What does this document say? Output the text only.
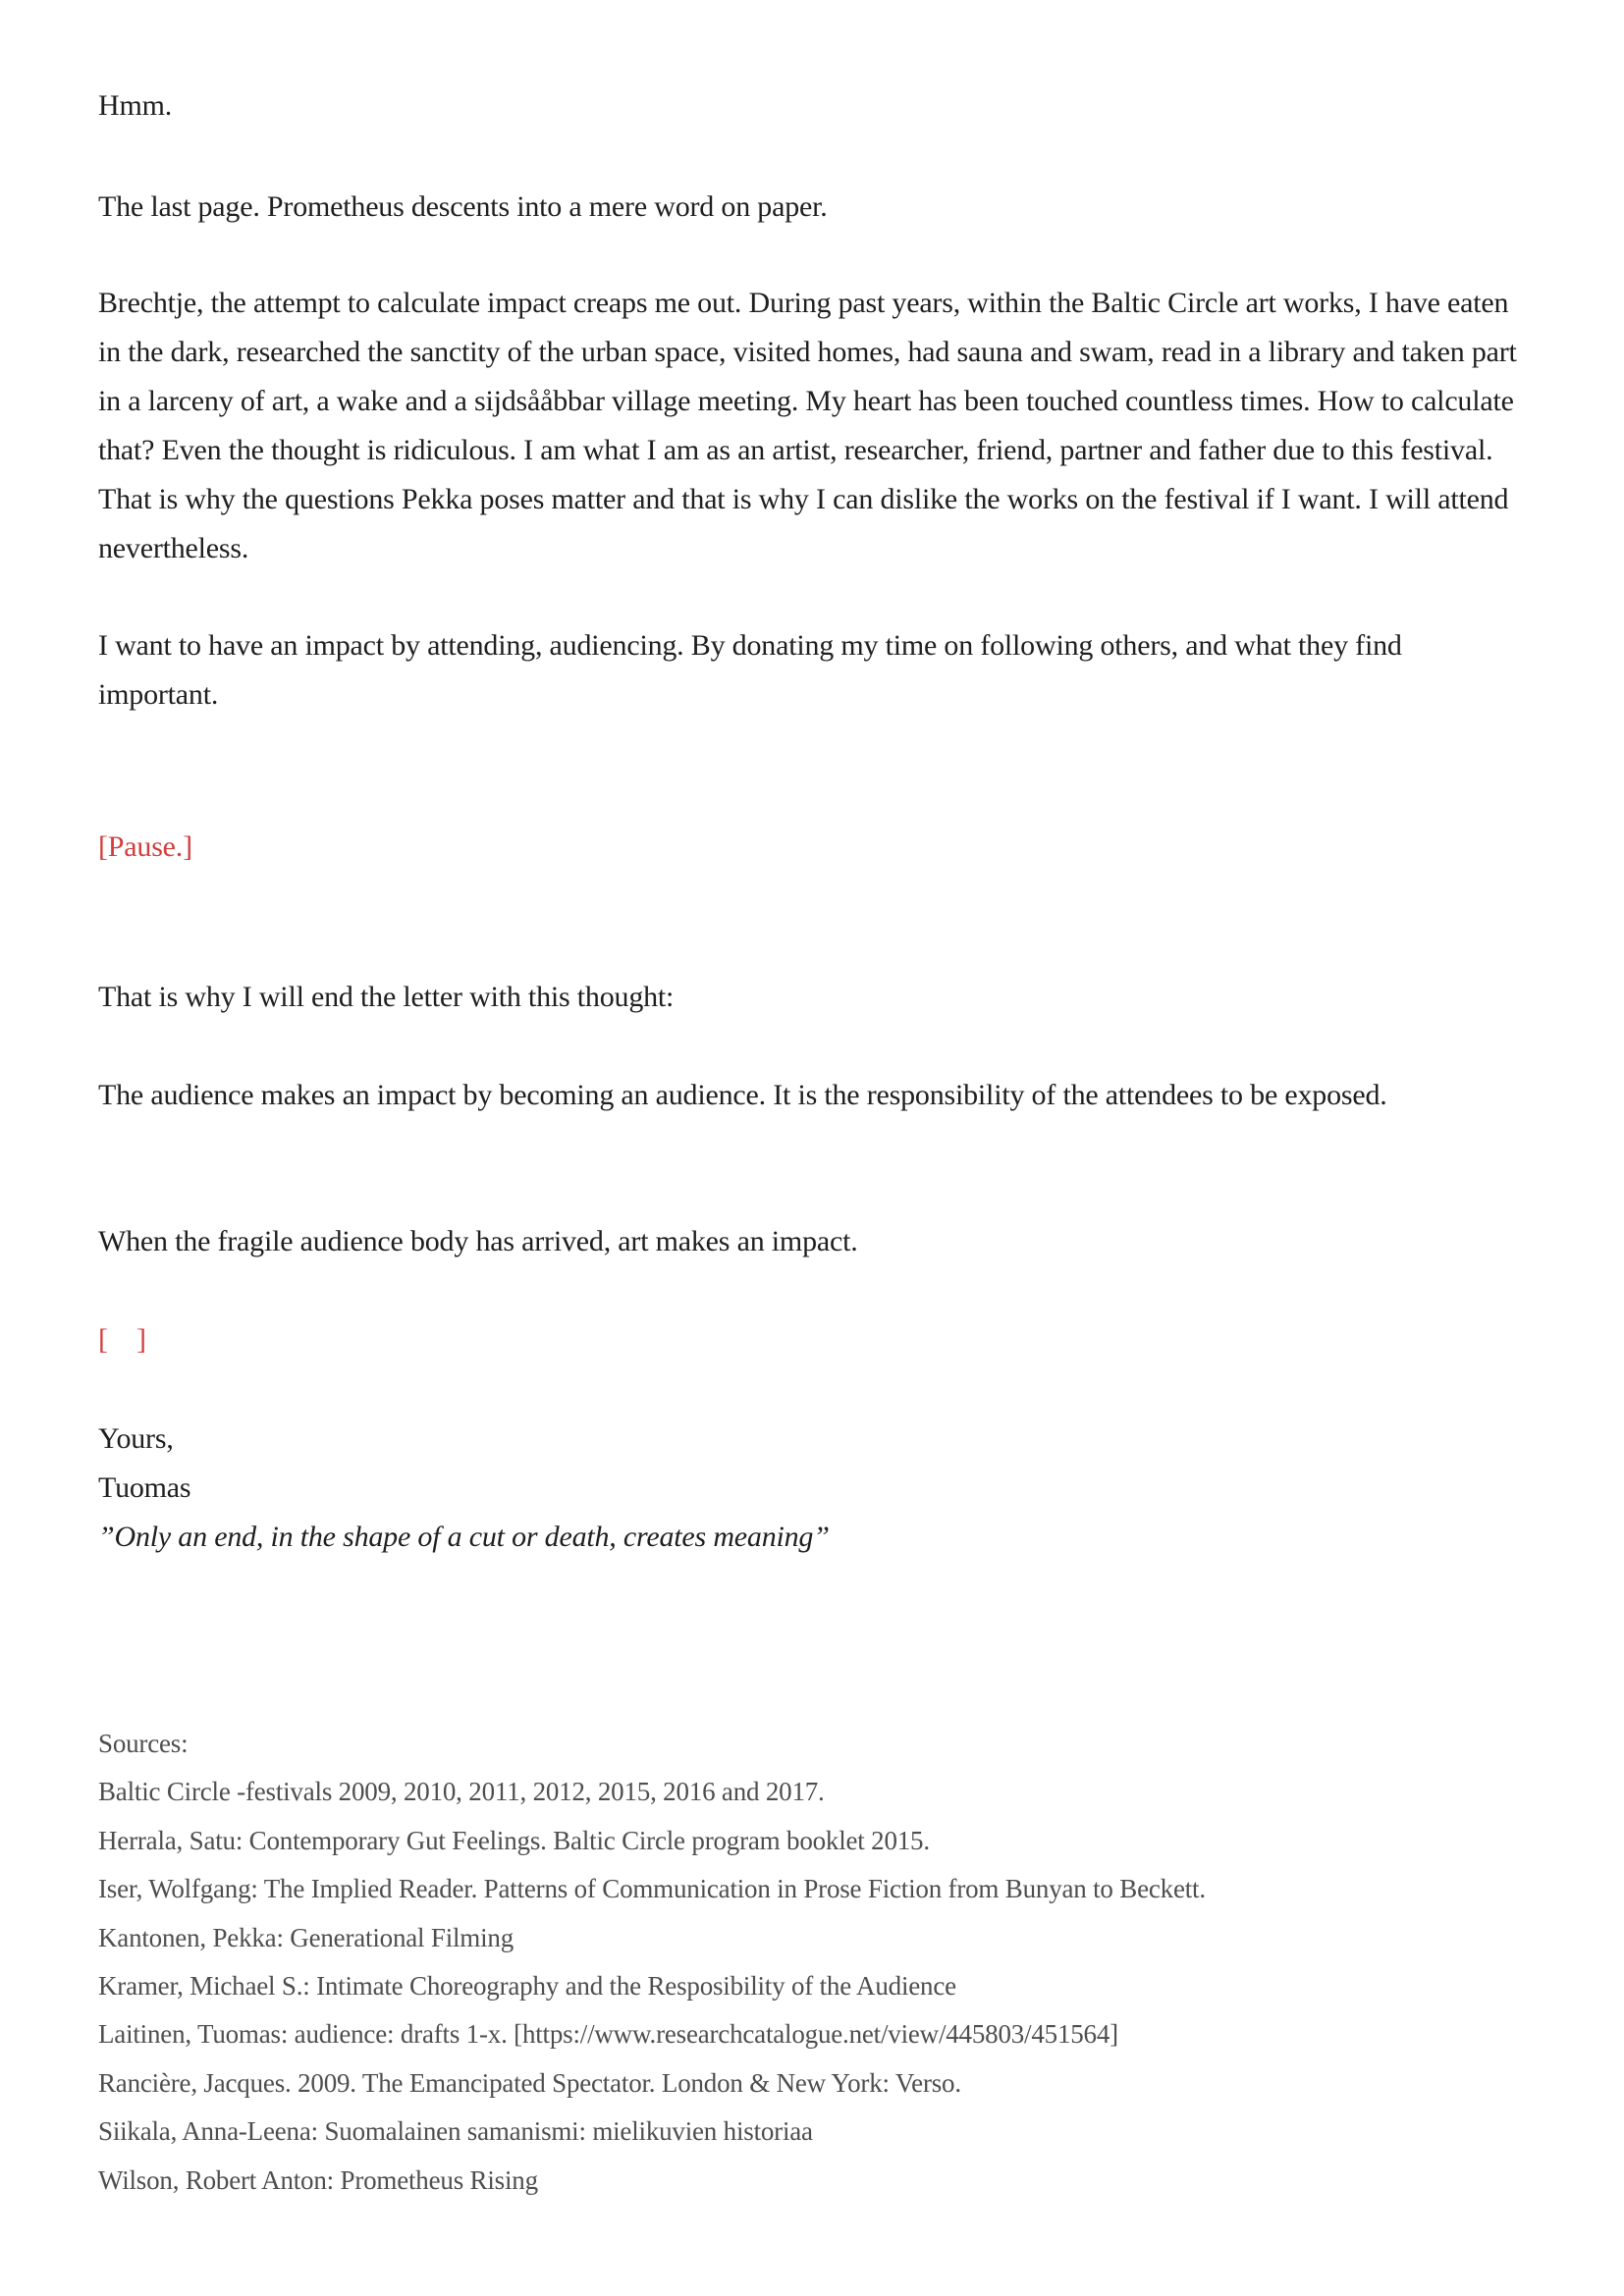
Hmm.

The last page. Prometheus descents into a mere word on paper.

Brechtje, the attempt to calculate impact creaps me out. During past years, within the Baltic Circle art works, I have eaten in the dark, researched the sanctity of the urban space, visited homes, had sauna and swam, read in a library and taken part in a larceny of art, a wake and a sijdsååbbar village meeting. My heart has been touched countless times. How to calculate that? Even the thought is ridiculous. I am what I am as an artist, researcher, friend, partner and father due to this festival. That is why the questions Pekka poses matter and that is why I can dislike the works on the festival if I want. I will attend nevertheless.

I want to have an impact by attending, audiencing. By donating my time on following others, and what they find important.

[Pause.]

That is why I will end the letter with this thought:

The audience makes an impact by becoming an audience. It is the responsibility of the attendees to be exposed.

When the fragile audience body has arrived, art makes an impact.

[    ]

Yours,

Tuomas

”Only an end, in the shape of a cut or death, creates meaning”

Sources:

Baltic Circle -festivals 2009, 2010, 2011, 2012, 2015, 2016 and 2017.

Herrala, Satu: Contemporary Gut Feelings. Baltic Circle program booklet 2015.

Iser, Wolfgang: The Implied Reader. Patterns of Communication in Prose Fiction from Bunyan to Beckett.

Kantonen, Pekka: Generational Filming

Kramer, Michael S.: Intimate Choreography and the Resposibility of the Audience

Laitinen, Tuomas: audience: drafts 1-x. [https://www.researchcatalogue.net/view/445803/451564]

Rancière, Jacques. 2009. The Emancipated Spectator. London & New York: Verso.

Siikala, Anna-Leena: Suomalainen samanismi: mielikuvien historiaa

Wilson, Robert Anton: Prometheus Rising
